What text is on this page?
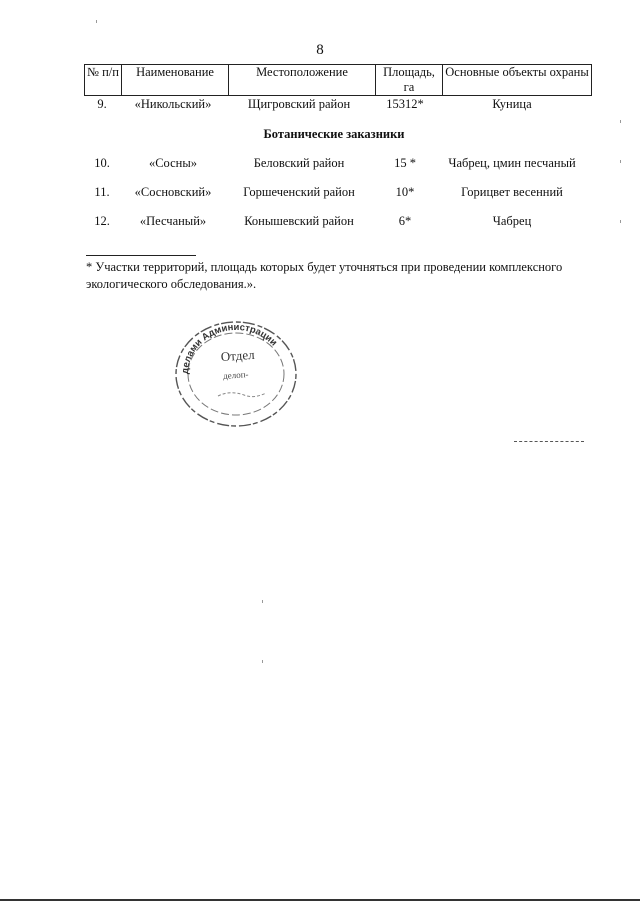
8
№ п/п	Наименование	Местоположение	Площадь, га	Основные объекты охраны
9.	«Никольский»	Щигровский район	15312*	Куница
Ботанические заказники
10.	«Сосны»	Беловский район	15 *	Чабрец, цмин песчаный
11.	«Сосновский»	Горшеченский район	10*	Горицвет весенний
12.	«Песчаный»	Конышевский район	6*	Чабрец
* Участки территорий, площадь которых будет уточняться при проведении комплексного экологического обследования.».
делами Администрации
Отдел
делоп-
